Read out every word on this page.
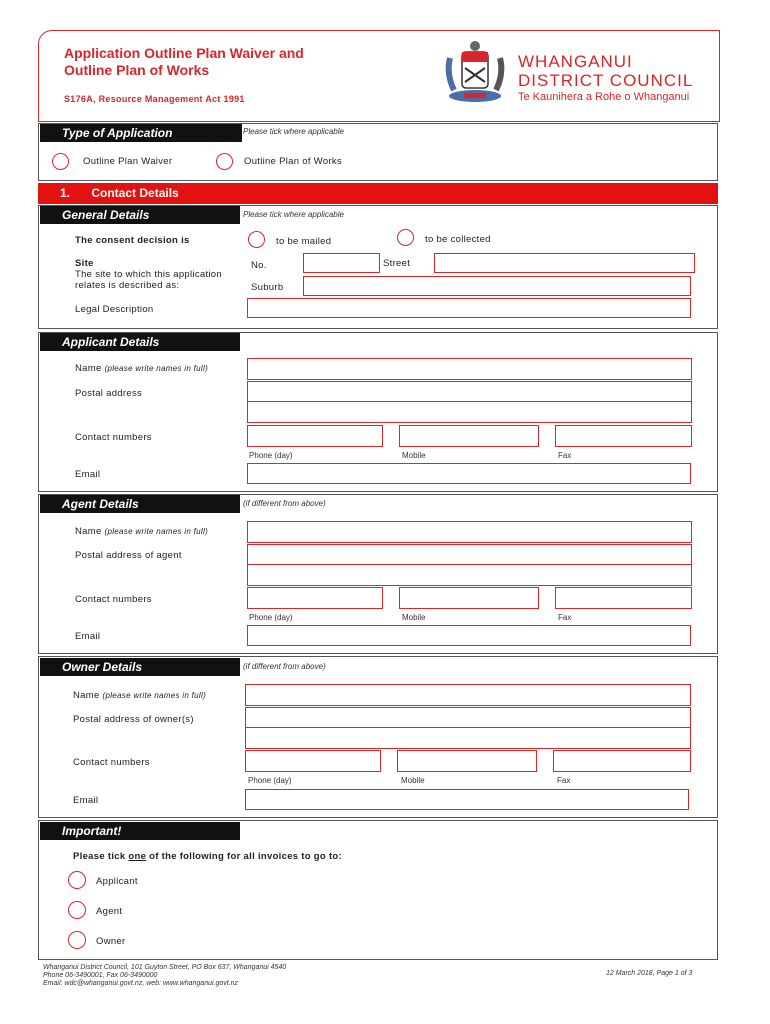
Application Outline Plan Waiver and Outline Plan of Works
S176A, Resource Management Act 1991
WHANGANUI
DISTRICT COUNCIL
Te Kaunihera a Rohe o Whanganui
Type of Application	Please tick where applicable
Outline Plan Waiver	Outline Plan of Works
1. Contact Details
General Details	Please tick where applicable
The consent decision is	to be mailed	to be collected
Site
The site to which this application relates is described as:
No.	Street
Suburb
Legal Description
Applicant Details
Name (please write names in full)
Postal address
Contact numbers
Phone (day)	Mobile	Fax
Email
Agent Details	(if different from above)
Name (please write names in full)
Postal address of agent
Contact numbers
Phone (day)	Mobile	Fax
Email
Owner Details	(if different from above)
Name (please write names in full)
Postal address of owner(s)
Contact numbers
Phone (day)	Mobile	Fax
Email
Important!
Please tick one of the following for all invoices to go to:
Applicant
Agent
Owner
Whanganui District Council, 101 Guyton Street, PO Box 637, Whanganui 4540
Phone 06-3490001, Fax 06-3490000
Email: wdc@whanganui.govt.nz, web: www.whanganui.govt.nz
12 March 2018, Page 1 of 3
